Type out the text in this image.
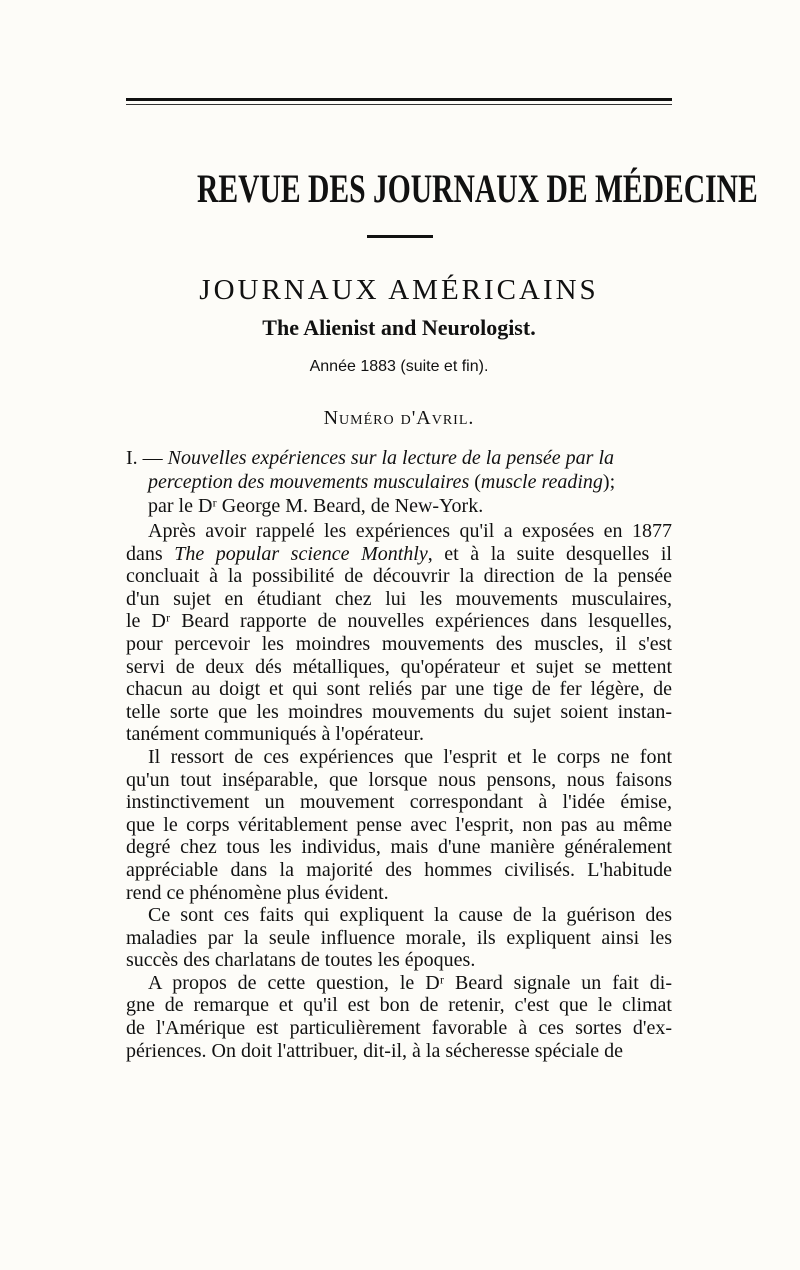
REVUE DES JOURNAUX DE MÉDECINE
JOURNAUX AMÉRICAINS
The Alienist and Neurologist.
Année 1883 (suite et fin).
Numéro d'Avril.
I. — Nouvelles expériences sur la lecture de la pensée par la
perception des mouvements musculaires (muscle reading);
par le Dʳ George M. Beard, de New-York.
Après avoir rappelé les expériences qu'il a exposées en 1877
dans The popular science Monthly, et à la suite desquelles il
concluait à la possibilité de découvrir la direction de la pensée
d'un sujet en étudiant chez lui les mouvements musculaires,
le Dʳ Beard rapporte de nouvelles expériences dans lesquelles,
pour percevoir les moindres mouvements des muscles, il s'est
servi de deux dés métalliques, qu'opérateur et sujet se mettent
chacun au doigt et qui sont reliés par une tige de fer légère, de
telle sorte que les moindres mouvements du sujet soient instan-
tanément communiqués à l'opérateur.
Il ressort de ces expériences que l'esprit et le corps ne font
qu'un tout inséparable, que lorsque nous pensons, nous faisons
instinctivement un mouvement correspondant à l'idée émise,
que le corps véritablement pense avec l'esprit, non pas au même
degré chez tous les individus, mais d'une manière généralement
appréciable dans la majorité des hommes civilisés. L'habitude
rend ce phénomène plus évident.
Ce sont ces faits qui expliquent la cause de la guérison des
maladies par la seule influence morale, ils expliquent ainsi les
succès des charlatans de toutes les époques.
A propos de cette question, le Dʳ Beard signale un fait di-
gne de remarque et qu'il est bon de retenir, c'est que le climat
de l'Amérique est particulièrement favorable à ces sortes d'ex-
périences. On doit l'attribuer, dit-il, à la sécheresse spéciale de
